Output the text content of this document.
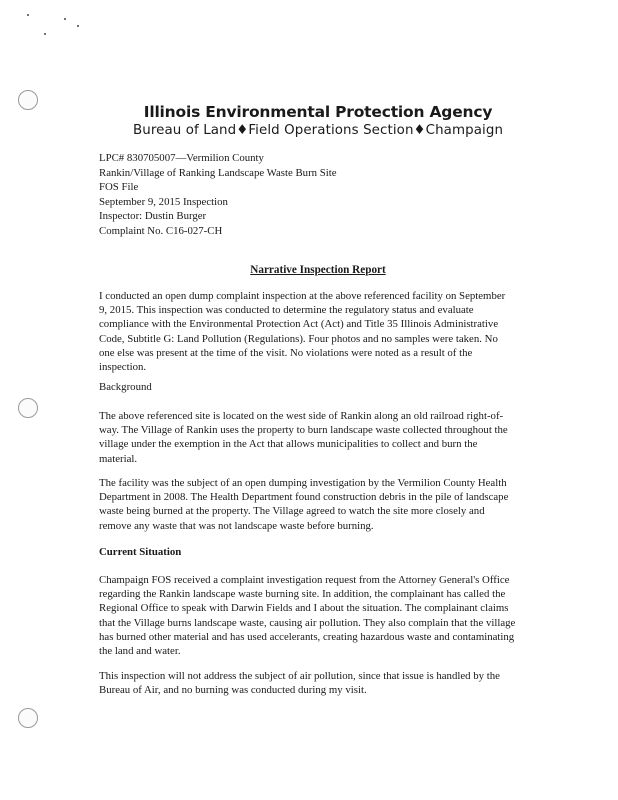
Illinois Environmental Protection Agency
Bureau of Land♦Field Operations Section♦Champaign
LPC# 830705007—Vermilion County
Rankin/Village of Ranking Landscape Waste Burn Site
FOS File
September 9, 2015 Inspection
Inspector: Dustin Burger
Complaint No. C16-027-CH
Narrative Inspection Report

I conducted an open dump complaint inspection at the above referenced facility on September 9, 2015. This inspection was conducted to determine the regulatory status and evaluate compliance with the Environmental Protection Act (Act) and Title 35 Illinois Administrative Code, Subtitle G: Land Pollution (Regulations). Four photos and no samples were taken. No one else was present at the time of the visit. No violations were noted as a result of the inspection.

Background

The above referenced site is located on the west side of Rankin along an old railroad right-of-way. The Village of Rankin uses the property to burn landscape waste collected throughout the village under the exemption in the Act that allows municipalities to collect and burn the material.

The facility was the subject of an open dumping investigation by the Vermilion County Health Department in 2008. The Health Department found construction debris in the pile of landscape waste being burned at the property. The Village agreed to watch the site more closely and remove any waste that was not landscape waste before burning.

Current Situation

Champaign FOS received a complaint investigation request from the Attorney General's Office regarding the Rankin landscape waste burning site. In addition, the complainant has called the Regional Office to speak with Darwin Fields and I about the situation. The complainant claims that the Village burns landscape waste, causing air pollution. They also complain that the village has burned other material and has used accelerants, creating hazardous waste and contaminating the land and water.

This inspection will not address the subject of air pollution, since that issue is handled by the Bureau of Air, and no burning was conducted during my visit.
